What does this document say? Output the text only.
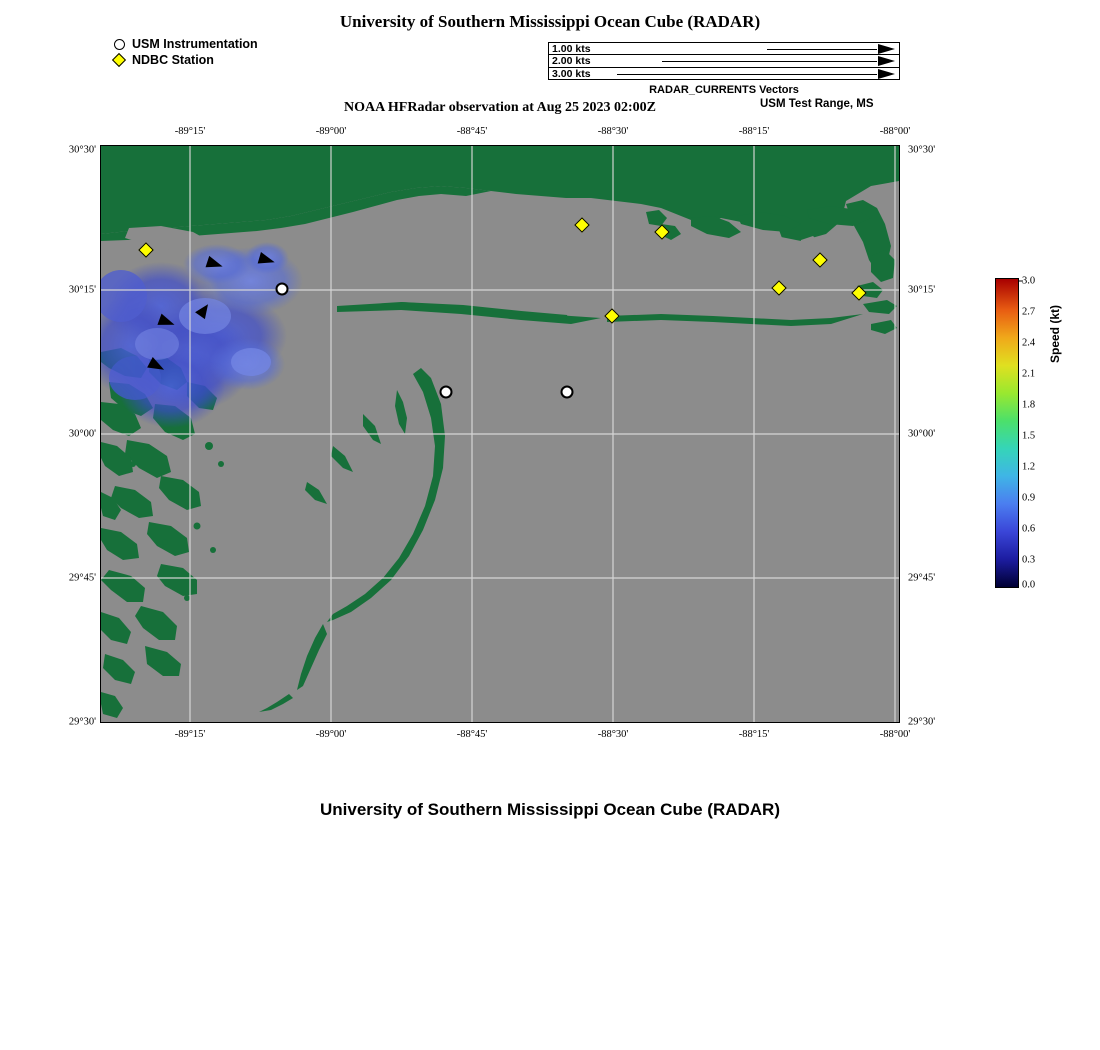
University of Southern Mississippi Ocean Cube (RADAR)
USM Instrumentation
NDBC Station
1.00 kts
2.00 kts
3.00 kts
RADAR_CURRENTS Vectors
NOAA HFRadar observation at Aug 25 2023 02:00Z	USM Test Range, MS
-89°15'	-89°00'	-88°45'	-88°30'	-88°15'	-88°00'
-89°15'	-89°00'	-88°45'	-88°30'	-88°15'	-88°00'
30°30'
30°15'
30°00'
29°45'
29°30'
30°30'
30°15'
30°00'
29°45'
29°30'
3.0
2.7
2.4
2.1
1.8
1.5
1.2
0.9
0.6
0.3
0.0
Speed (kt)
University of Southern Mississippi Ocean Cube (RADAR)
